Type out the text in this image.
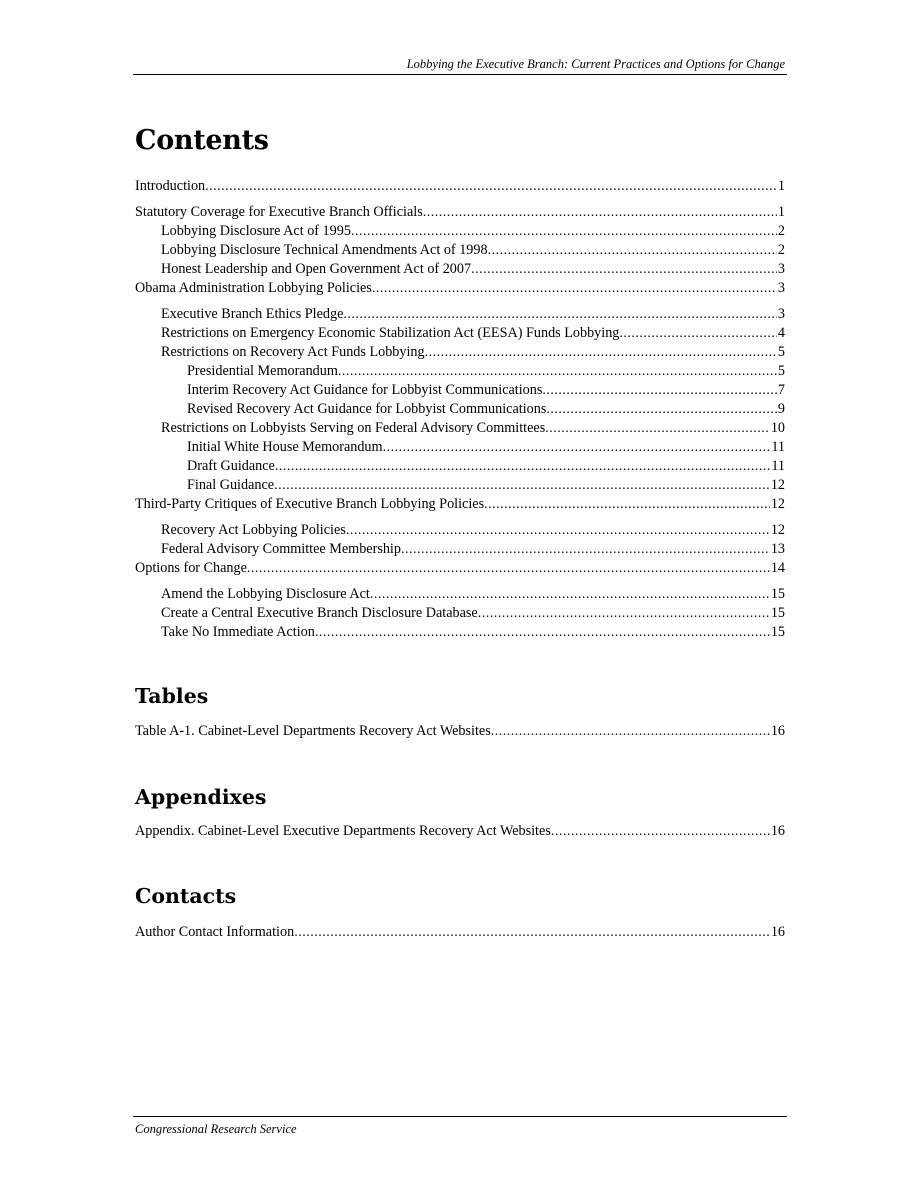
Lobbying the Executive Branch: Current Practices and Options for Change
Contents
Introduction .....	1
Statutory Coverage for Executive Branch Officials .....	1
Lobbying Disclosure Act of 1995 .....	2
Lobbying Disclosure Technical Amendments Act of 1998 .....	2
Honest Leadership and Open Government Act of 2007 .....	3
Obama Administration Lobbying Policies .....	3
Executive Branch Ethics Pledge .....	3
Restrictions on Emergency Economic Stabilization Act (EESA) Funds Lobbying .....	4
Restrictions on Recovery Act Funds Lobbying .....	5
Presidential Memorandum .....	5
Interim Recovery Act Guidance for Lobbyist Communications .....	7
Revised Recovery Act Guidance for Lobbyist Communications .....	9
Restrictions on Lobbyists Serving on Federal Advisory Committees .....	10
Initial White House Memorandum .....	11
Draft Guidance .....	11
Final Guidance .....	12
Third-Party Critiques of Executive Branch Lobbying Policies .....	12
Recovery Act Lobbying Policies .....	12
Federal Advisory Committee Membership .....	13
Options for Change .....	14
Amend the Lobbying Disclosure Act .....	15
Create a Central Executive Branch Disclosure Database .....	15
Take No Immediate Action .....	15
Tables
Table A-1. Cabinet-Level Departments Recovery Act Websites .....	16
Appendixes
Appendix. Cabinet-Level Executive Departments Recovery Act Websites .....	16
Contacts
Author Contact Information .....	16
Congressional Research Service
